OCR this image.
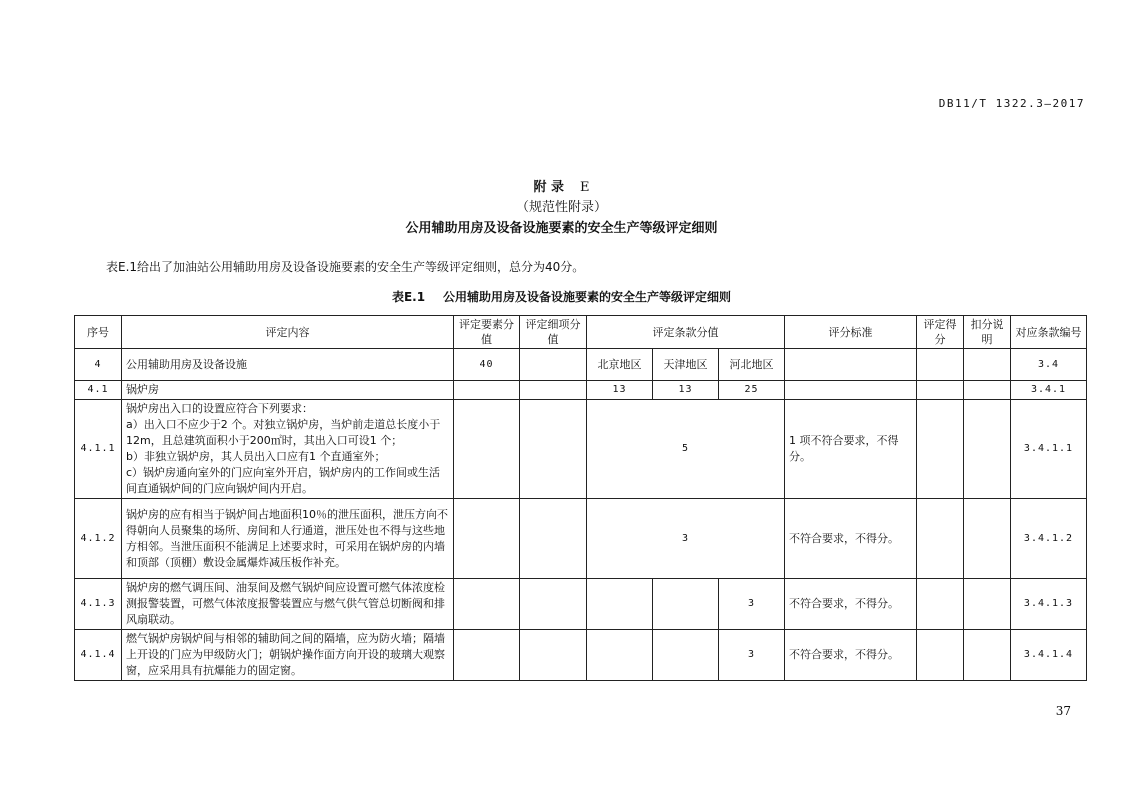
DB11/T 1322.3—2017
附 录 E
（规范性附录）
公用辅助用房及设备设施要素的安全生产等级评定细则
表E.1给出了加油站公用辅助用房及设备设施要素的安全生产等级评定细则，总分为40分。
表E.1 公用辅助用房及设备设施要素的安全生产等级评定细则
序号	评定内容	评定要素分值	评定细项分值	评定条款分值			评分标准	评定得分	扣分说明	对应条款编号
4	公用辅助用房及设备设施	40		北京地区	天津地区	河北地区				3.4
4.1	锅炉房			13	13	25				3.4.1
4.1.1	锅炉房出入口的设置应符合下列要求：
a）出入口不应少于2 个。对独立锅炉房，当炉前走道总长度小于12m，且总建筑面积小于200㎡时，其出入口可设1 个；
b）非独立锅炉房，其人员出入口应有1 个直通室外；
c）锅炉房通向室外的门应向室外开启，锅炉房内的工作间或生活间直通锅炉间的门应向锅炉间内开启。			5			1 项不符合要求，不得分。			3.4.1.1
4.1.2	锅炉房的应有相当于锅炉间占地面积10％的泄压面积，泄压方向不得朝向人员聚集的场所、房间和人行通道，泄压处也不得与这些地方相邻。当泄压面积不能满足上述要求时，可采用在锅炉房的内墙和顶部（顶棚）敷设金属爆炸减压板作补充。			3			不符合要求，不得分。			3.4.1.2
4.1.3	锅炉房的燃气调压间、油泵间及燃气锅炉间应设置可燃气体浓度检测报警装置，可燃气体浓度报警装置应与燃气供气管总切断阀和排风扇联动。					3	不符合要求，不得分。			3.4.1.3
4.1.4	燃气锅炉房锅炉间与相邻的辅助间之间的隔墙，应为防火墙；隔墙上开设的门应为甲级防火门；朝锅炉操作面方向开设的玻璃大观察窗，应采用具有抗爆能力的固定窗。					3	不符合要求，不得分。			3.4.1.4
37
